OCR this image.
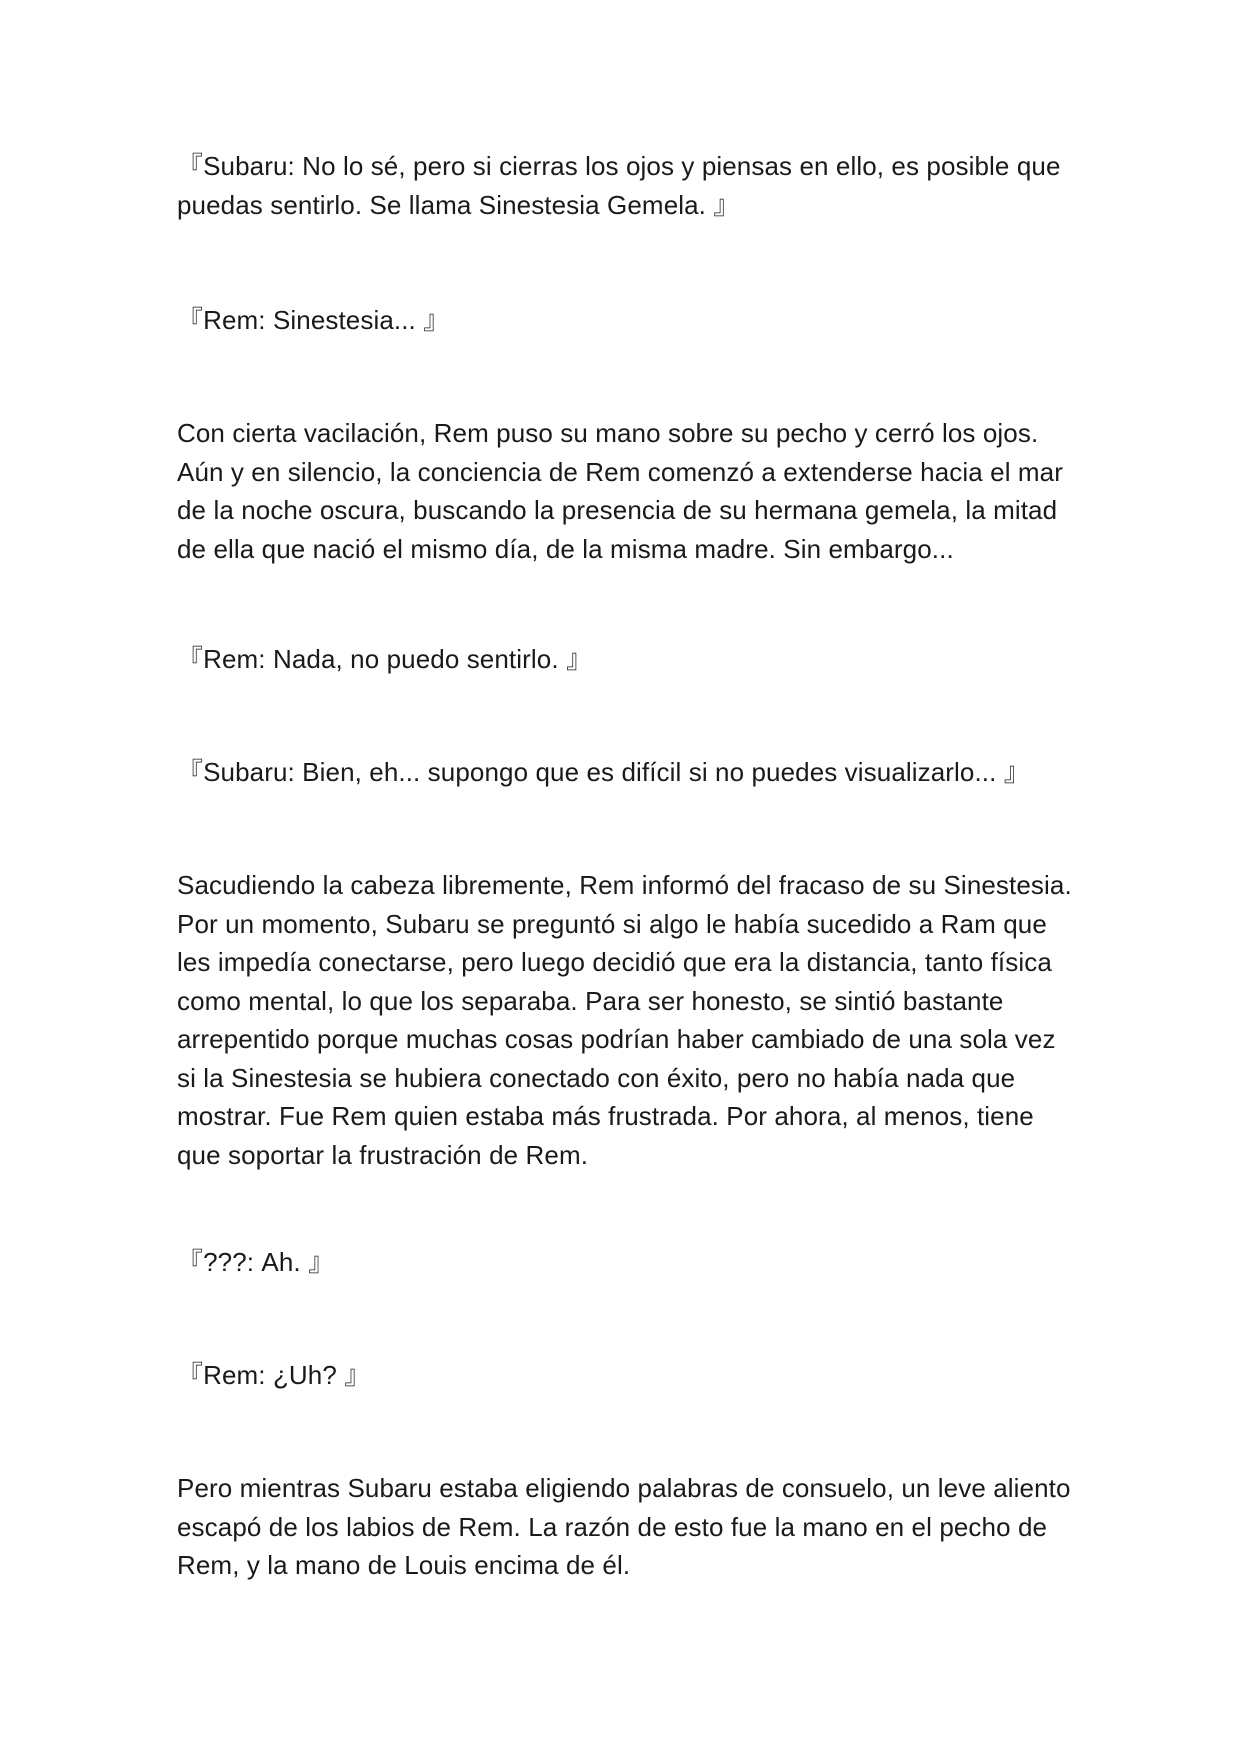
『Subaru: No lo sé, pero si cierras los ojos y piensas en ello, es posible que puedas sentirlo. Se llama Sinestesia Gemela. 』

『Rem: Sinestesia... 』

Con cierta vacilación, Rem puso su mano sobre su pecho y cerró los ojos. Aún y en silencio, la conciencia de Rem comenzó a extenderse hacia el mar de la noche oscura, buscando la presencia de su hermana gemela, la mitad de ella que nació el mismo día, de la misma madre. Sin embargo...

『Rem: Nada, no puedo sentirlo. 』

『Subaru: Bien, eh... supongo que es difícil si no puedes visualizarlo... 』

Sacudiendo la cabeza libremente, Rem informó del fracaso de su Sinestesia. Por un momento, Subaru se preguntó si algo le había sucedido a Ram que les impedía conectarse, pero luego decidió que era la distancia, tanto física como mental, lo que los separaba. Para ser honesto, se sintió bastante arrepentido porque muchas cosas podrían haber cambiado de una sola vez si la Sinestesia se hubiera conectado con éxito, pero no había nada que mostrar. Fue Rem quien estaba más frustrada. Por ahora, al menos, tiene que soportar la frustración de Rem.

『???: Ah. 』

『Rem: ¿Uh? 』

Pero mientras Subaru estaba eligiendo palabras de consuelo, un leve aliento escapó de los labios de Rem. La razón de esto fue la mano en el pecho de Rem, y la mano de Louis encima de él.
